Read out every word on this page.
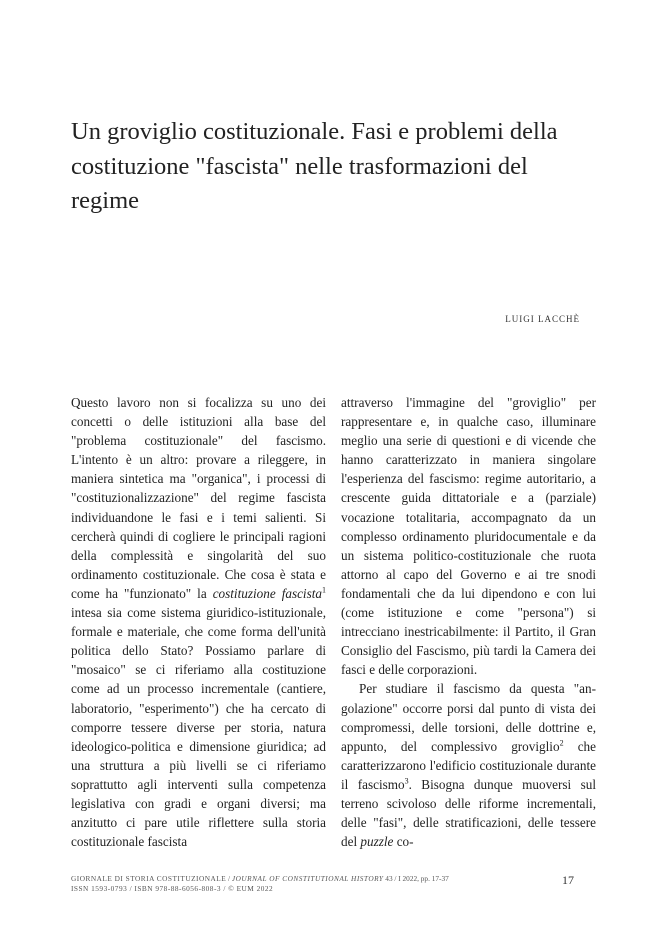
Un groviglio costituzionale. Fasi e problemi della costituzione "fascista" nelle trasformazioni del regime
LUIGI LACCHÈ

Questo lavoro non si focalizza su uno dei concetti o delle istituzioni alla base del "problema costituzionale" del fascismo. L'intento è un altro: provare a rileggere, in maniera sintetica ma "organica", i processi di "costituzionalizzazione" del regime fascista individuandone le fasi e i temi salienti. Si cercherà quindi di cogliere le principali ragioni della complessità e singolarità del suo ordinamento costituzionale. Che cosa è stata e come ha "funzionato" la costituzione fascista$^1$ intesa sia come sistema giuridico-istituzionale, formale e materiale, che come forma dell'unità politica dello Stato? Possiamo parlare di "mosaico" se ci riferiamo alla costituzione come ad un processo incrementale (cantiere, laboratorio, "esperimento") che ha cercato di comporre tessere diverse per storia, natura ideologico-politica e dimensione giuridica; ad una struttura a più livelli se ci riferiamo soprattutto agli interventi sulla competenza legislativa con gradi e organi diversi; ma anzitutto ci pare utile riflettere sulla storia costituzionale fascista

attraverso l'immagine del "groviglio" per rappresentare e, in qualche caso, illuminare meglio una serie di questioni e di vicende che hanno caratterizzato in maniera singolare l'esperienza del fascismo: regime autoritario, a crescente guida dittatoriale e a (parziale) vocazione totalitaria, accompagnato da un complesso ordinamento pluridocumentale e da un sistema politico-costituzionale che ruota attorno al capo del Governo e ai tre snodi fondamentali che da lui dipendono e con lui (come istituzione e come "persona") si intrecciano inestricabilmente: il Partito, il Gran Consiglio del Fascismo, più tardi la Camera dei fasci e delle corporazioni.

Per studiare il fascismo da questa "angolazione" occorre porsi dal punto di vista dei compromessi, delle torsioni, delle dottrine e, appunto, del complessivo groviglio$^2$ che caratterizzarono l'edificio costituzionale durante il fascismo$^3$. Bisogna dunque muoversi sul terreno scivoloso delle riforme incrementali, delle "fasi", delle stratificazioni, delle tessere del puzzle co-

GIORNALE DI STORIA COSTITUZIONALE / JOURNAL OF CONSTITUTIONAL HISTORY 43 / I 2022, pp. 17-37
ISSN 1593-0793 / ISBN 978-88-6056-808-3 / © EUM 2022
17
